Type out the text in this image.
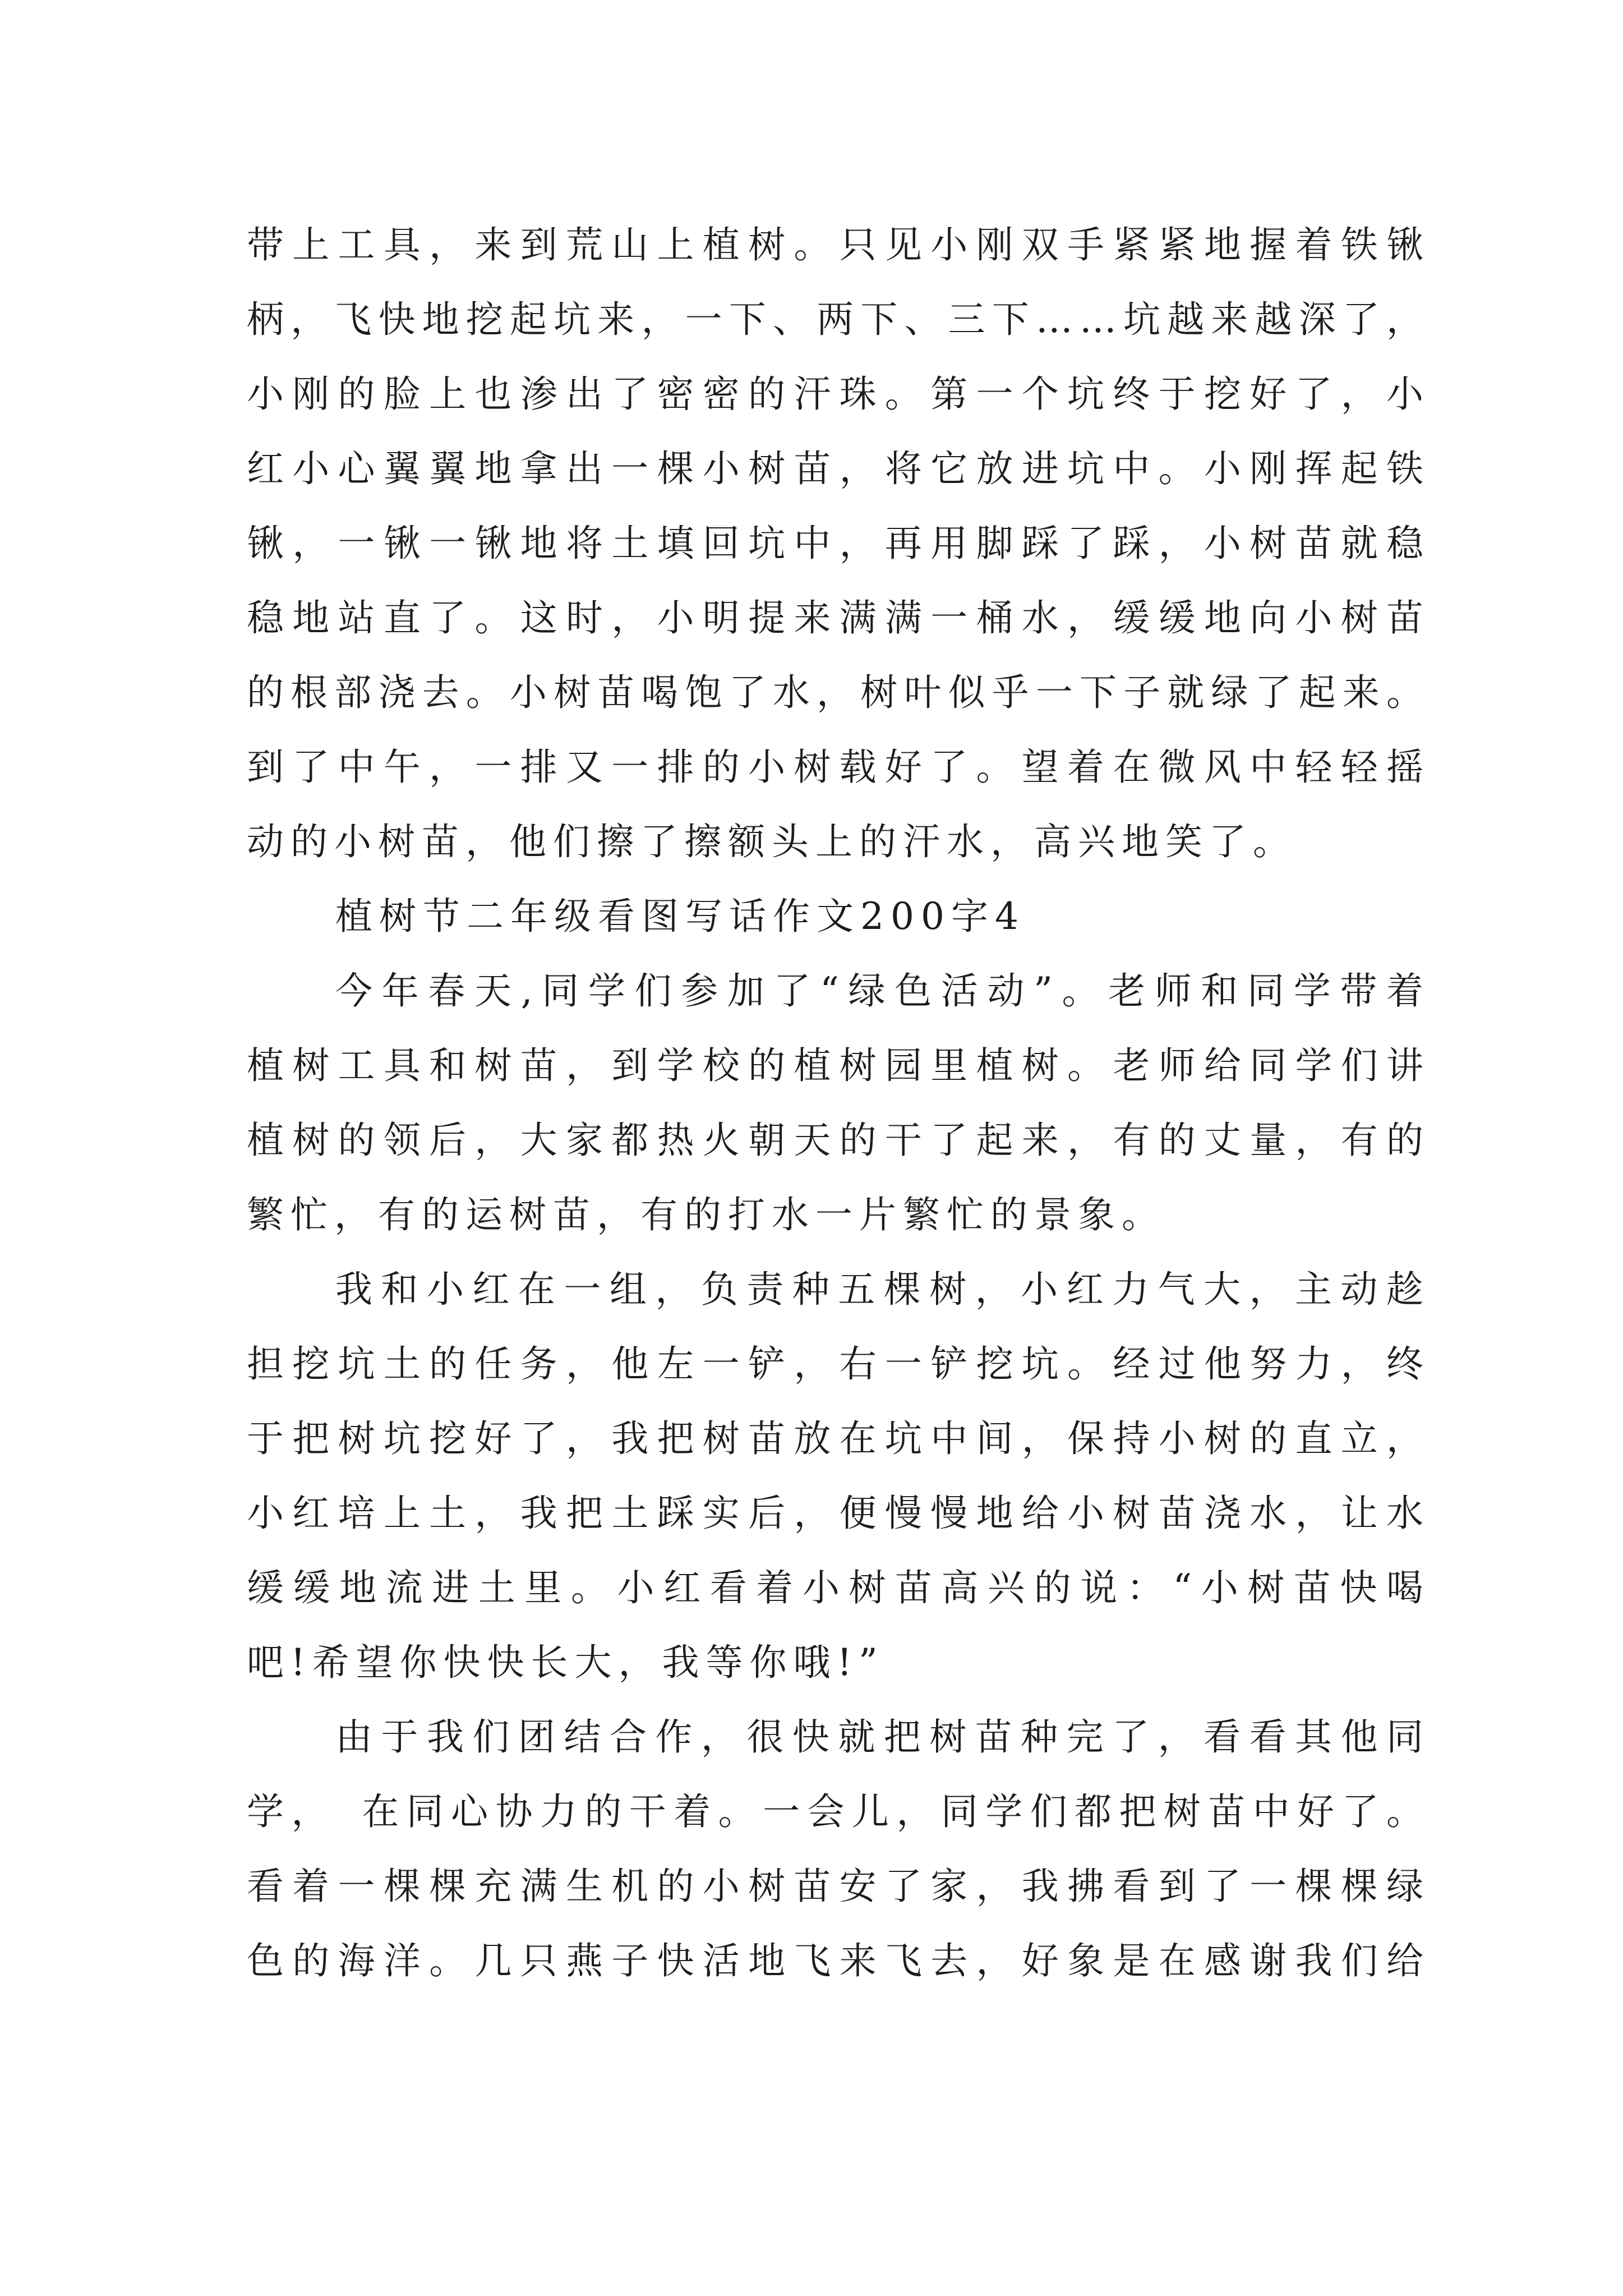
带上工具，来到荒山上植树。只见小刚双手紧紧地握着铁锹
柄，飞快地挖起坑来，一下、两下、三下……坑越来越深了，
小刚的脸上也渗出了密密的汗珠。第一个坑终于挖好了，小
红小心翼翼地拿出一棵小树苗，将它放进坑中。小刚挥起铁
锹，一锹一锹地将土填回坑中，再用脚踩了踩，小树苗就稳
稳地站直了。这时，小明提来满满一桶水，缓缓地向小树苗
的根部浇去。小树苗喝饱了水，树叶似乎一下子就绿了起来。
到了中午，一排又一排的小树载好了。望着在微风中轻轻摇
动的小树苗，他们擦了擦额头上的汗水，高兴地笑了。
植树节二年级看图写话作文200字4
今年春天,同学们参加了“绿色活动”。老师和同学带着
植树工具和树苗，到学校的植树园里植树。老师给同学们讲
植树的领后，大家都热火朝天的干了起来，有的丈量，有的
繁忙，有的运树苗，有的打水一片繁忙的景象。
我和小红在一组，负责种五棵树，小红力气大，主动趁
担挖坑土的任务，他左一铲，右一铲挖坑。经过他努力，终
于把树坑挖好了，我把树苗放在坑中间，保持小树的直立，
小红培上土，我把土踩实后，便慢慢地给小树苗浇水，让水
缓缓地流进土里。小红看着小树苗高兴的说：“小树苗快喝
吧!希望你快快长大，我等你哦!”
由于我们团结合作，很快就把树苗种完了，看看其他同
学，　在同心协力的干着。一会儿，同学们都把树苗中好了。
看着一棵棵充满生机的小树苗安了家，我拂看到了一棵棵绿
色的海洋。几只燕子快活地飞来飞去，好象是在感谢我们给
